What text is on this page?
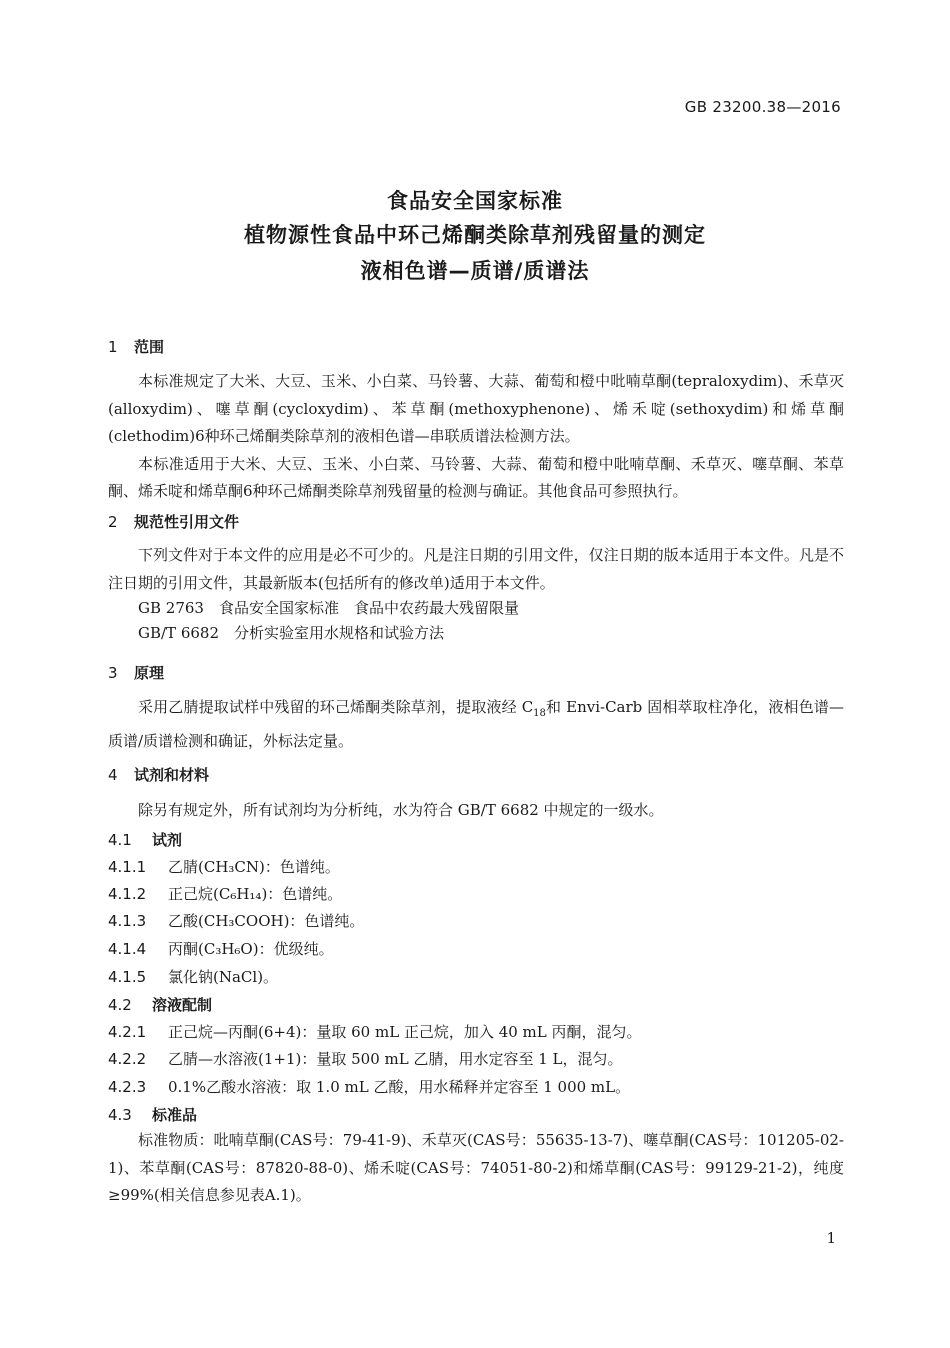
GB 23200.38—2016
食品安全国家标准
植物源性食品中环己烯酮类除草剂残留量的测定
液相色谱—质谱/质谱法
1 范围

本标准规定了大米、大豆、玉米、小白菜、马铃薯、大蒜、葡萄和橙中吡喃草酮(tepraloxydim)、禾草灭(alloxydim)、噻草酮(cycloxydim)、苯草酮(methoxyphenone)、烯禾啶(sethoxydim)和烯草酮(clethodim)6种环己烯酮类除草剂的液相色谱—串联质谱法检测方法。

本标准适用于大米、大豆、玉米、小白菜、马铃薯、大蒜、葡萄和橙中吡喃草酮、禾草灭、噻草酮、苯草酮、烯禾啶和烯草酮6种环己烯酮类除草剂残留量的检测与确证。其他食品可参照执行。

2 规范性引用文件

下列文件对于本文件的应用是必不可少的。凡是注日期的引用文件，仅注日期的版本适用于本文件。凡是不注日期的引用文件，其最新版本(包括所有的修改单)适用于本文件。

GB 2763　食品安全国家标准　食品中农药最大残留限量
GB/T 6682　分析实验室用水规格和试验方法
3 原理

采用乙腈提取试样中残留的环己烯酮类除草剂，提取液经 $C_{18}$和 Envi-Carb 固相萃取柱净化，液相色谱—质谱/质谱检测和确证，外标法定量。

4 试剂和材料
除另有规定外，所有试剂均为分析纯，水为符合 GB/T 6682 中规定的一级水。
4.1 试剂
4.1.1 乙腈(CH₃CN)：色谱纯。
4.1.2 正己烷(C₆H₁₄)：色谱纯。
4.1.3 乙酸(CH₃COOH)：色谱纯。
4.1.4 丙酮(C₃H₆O)：优级纯。
4.1.5 氯化钠(NaCl)。
4.2 溶液配制
4.2.1 正己烷—丙酮(6+4)：量取 60 mL 正己烷，加入 40 mL 丙酮，混匀。
4.2.2 乙腈—水溶液(1+1)：量取 500 mL 乙腈，用水定容至 1 L，混匀。
4.2.3 0.1%乙酸水溶液：取 1.0 mL 乙酸，用水稀释并定容至 1 000 mL。
4.3 标准品

标准物质：吡喃草酮(CAS号：79-41-9)、禾草灭(CAS号：55635-13-7)、噻草酮(CAS号：101205-02-1)、苯草酮(CAS号：87820-88-0)、烯禾啶(CAS号：74051-80-2)和烯草酮(CAS号：99129-21-2)，纯度≥99%(相关信息参见表A.1)。

1
